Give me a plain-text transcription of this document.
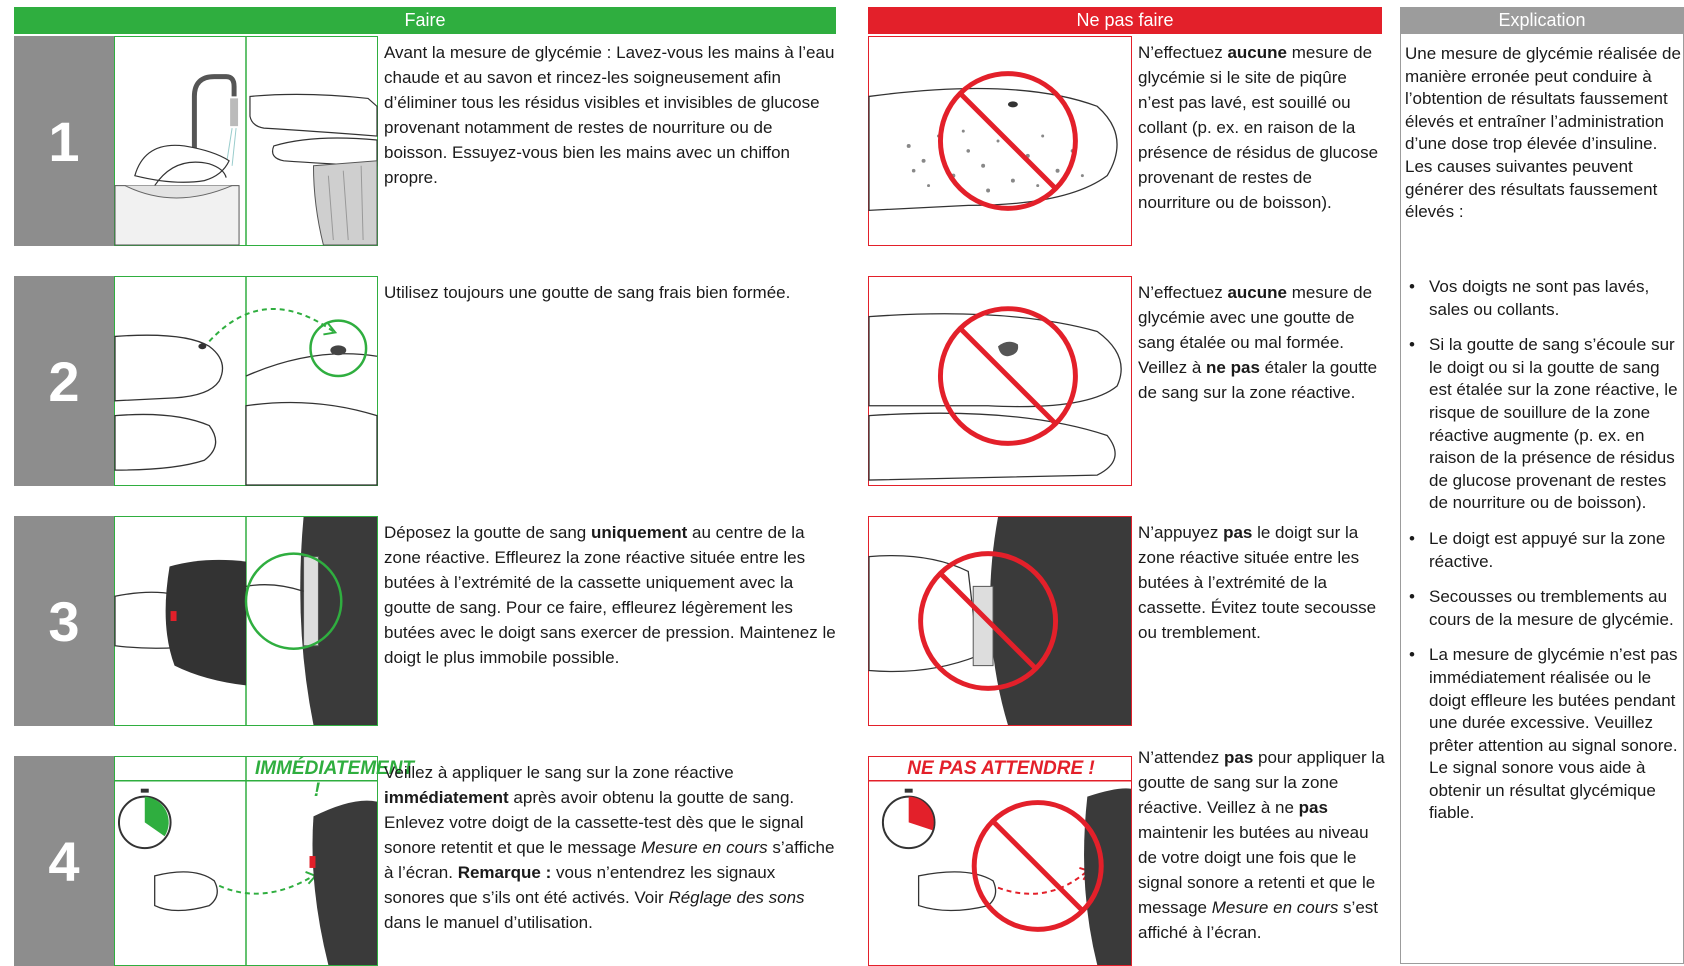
Faire	Ne pas faire	Explication
1
2
3
4
IMMÉDIATEMENT !
Avant la mesure de glycémie : Lavez-vous les mains à l’eau chaude et au savon et rincez-les soigneusement afin d’éliminer tous les résidus visibles et invisibles de glucose provenant notamment de restes de nourriture ou de boisson. Essuyez-vous bien les mains avec un chiffon propre.
Utilisez toujours une goutte de sang frais bien formée.
Déposez la goutte de sang uniquement au centre de la zone réactive. Effleurez la zone réactive située entre les butées à l’extrémité de la cassette uniquement avec la goutte de sang. Pour ce faire, effleurez légèrement les butées avec le doigt sans exercer de pression. Maintenez le doigt le plus immobile possible.
Veillez à appliquer le sang sur la zone réactive immédiatement après avoir obtenu la goutte de sang. Enlevez votre doigt de la cassette-test dès que le signal sonore retentit et que le message Mesure en cours s’affiche à l’écran. Remarque : vous n’entendrez les signaux sonores que s’ils ont été activés. Voir Réglage des sons dans le manuel d’utilisation.
NE PAS ATTENDRE !
N’effectuez aucune mesure de glycémie si le site de piqûre n’est pas lavé, est souillé ou collant (p. ex. en raison de la présence de résidus de glucose provenant de restes de nourriture ou de boisson).
N’effectuez aucune mesure de glycémie avec une goutte de sang étalée ou mal formée. Veillez à ne pas étaler la goutte de sang sur la zone réactive.
N’appuyez pas le doigt sur la zone réactive située entre les butées à l’extrémité de la cassette. Évitez toute secousse ou tremblement.
N’attendez pas pour appliquer la goutte de sang sur la zone réactive. Veillez à ne pas maintenir les butées au niveau de votre doigt une fois que le signal sonore a retenti et que le message Mesure en cours s’est affiché à l’écran.
Une mesure de glycémie réalisée de manière erronée peut conduire à l’obtention de résultats faussement élevés et entraîner l’administration d’une dose trop élevée d’insuline. Les causes suivantes peuvent générer des résultats faussement élevés :
• Vos doigts ne sont pas lavés, sales ou collants.
• Si la goutte de sang s’écoule sur le doigt ou si la goutte de sang est étalée sur la zone réactive, le risque de souillure de la zone réactive augmente (p. ex. en raison de la présence de résidus de glucose provenant de restes de nourriture ou de boisson).
• Le doigt est appuyé sur la zone réactive.
• Secousses ou tremblements au cours de la mesure de glycémie.
• La mesure de glycémie n’est pas immédiatement réalisée ou le doigt effleure les butées pendant une durée excessive. Veuillez prêter attention au signal sonore. Le signal sonore vous aide à obtenir un résultat glycémique fiable.
